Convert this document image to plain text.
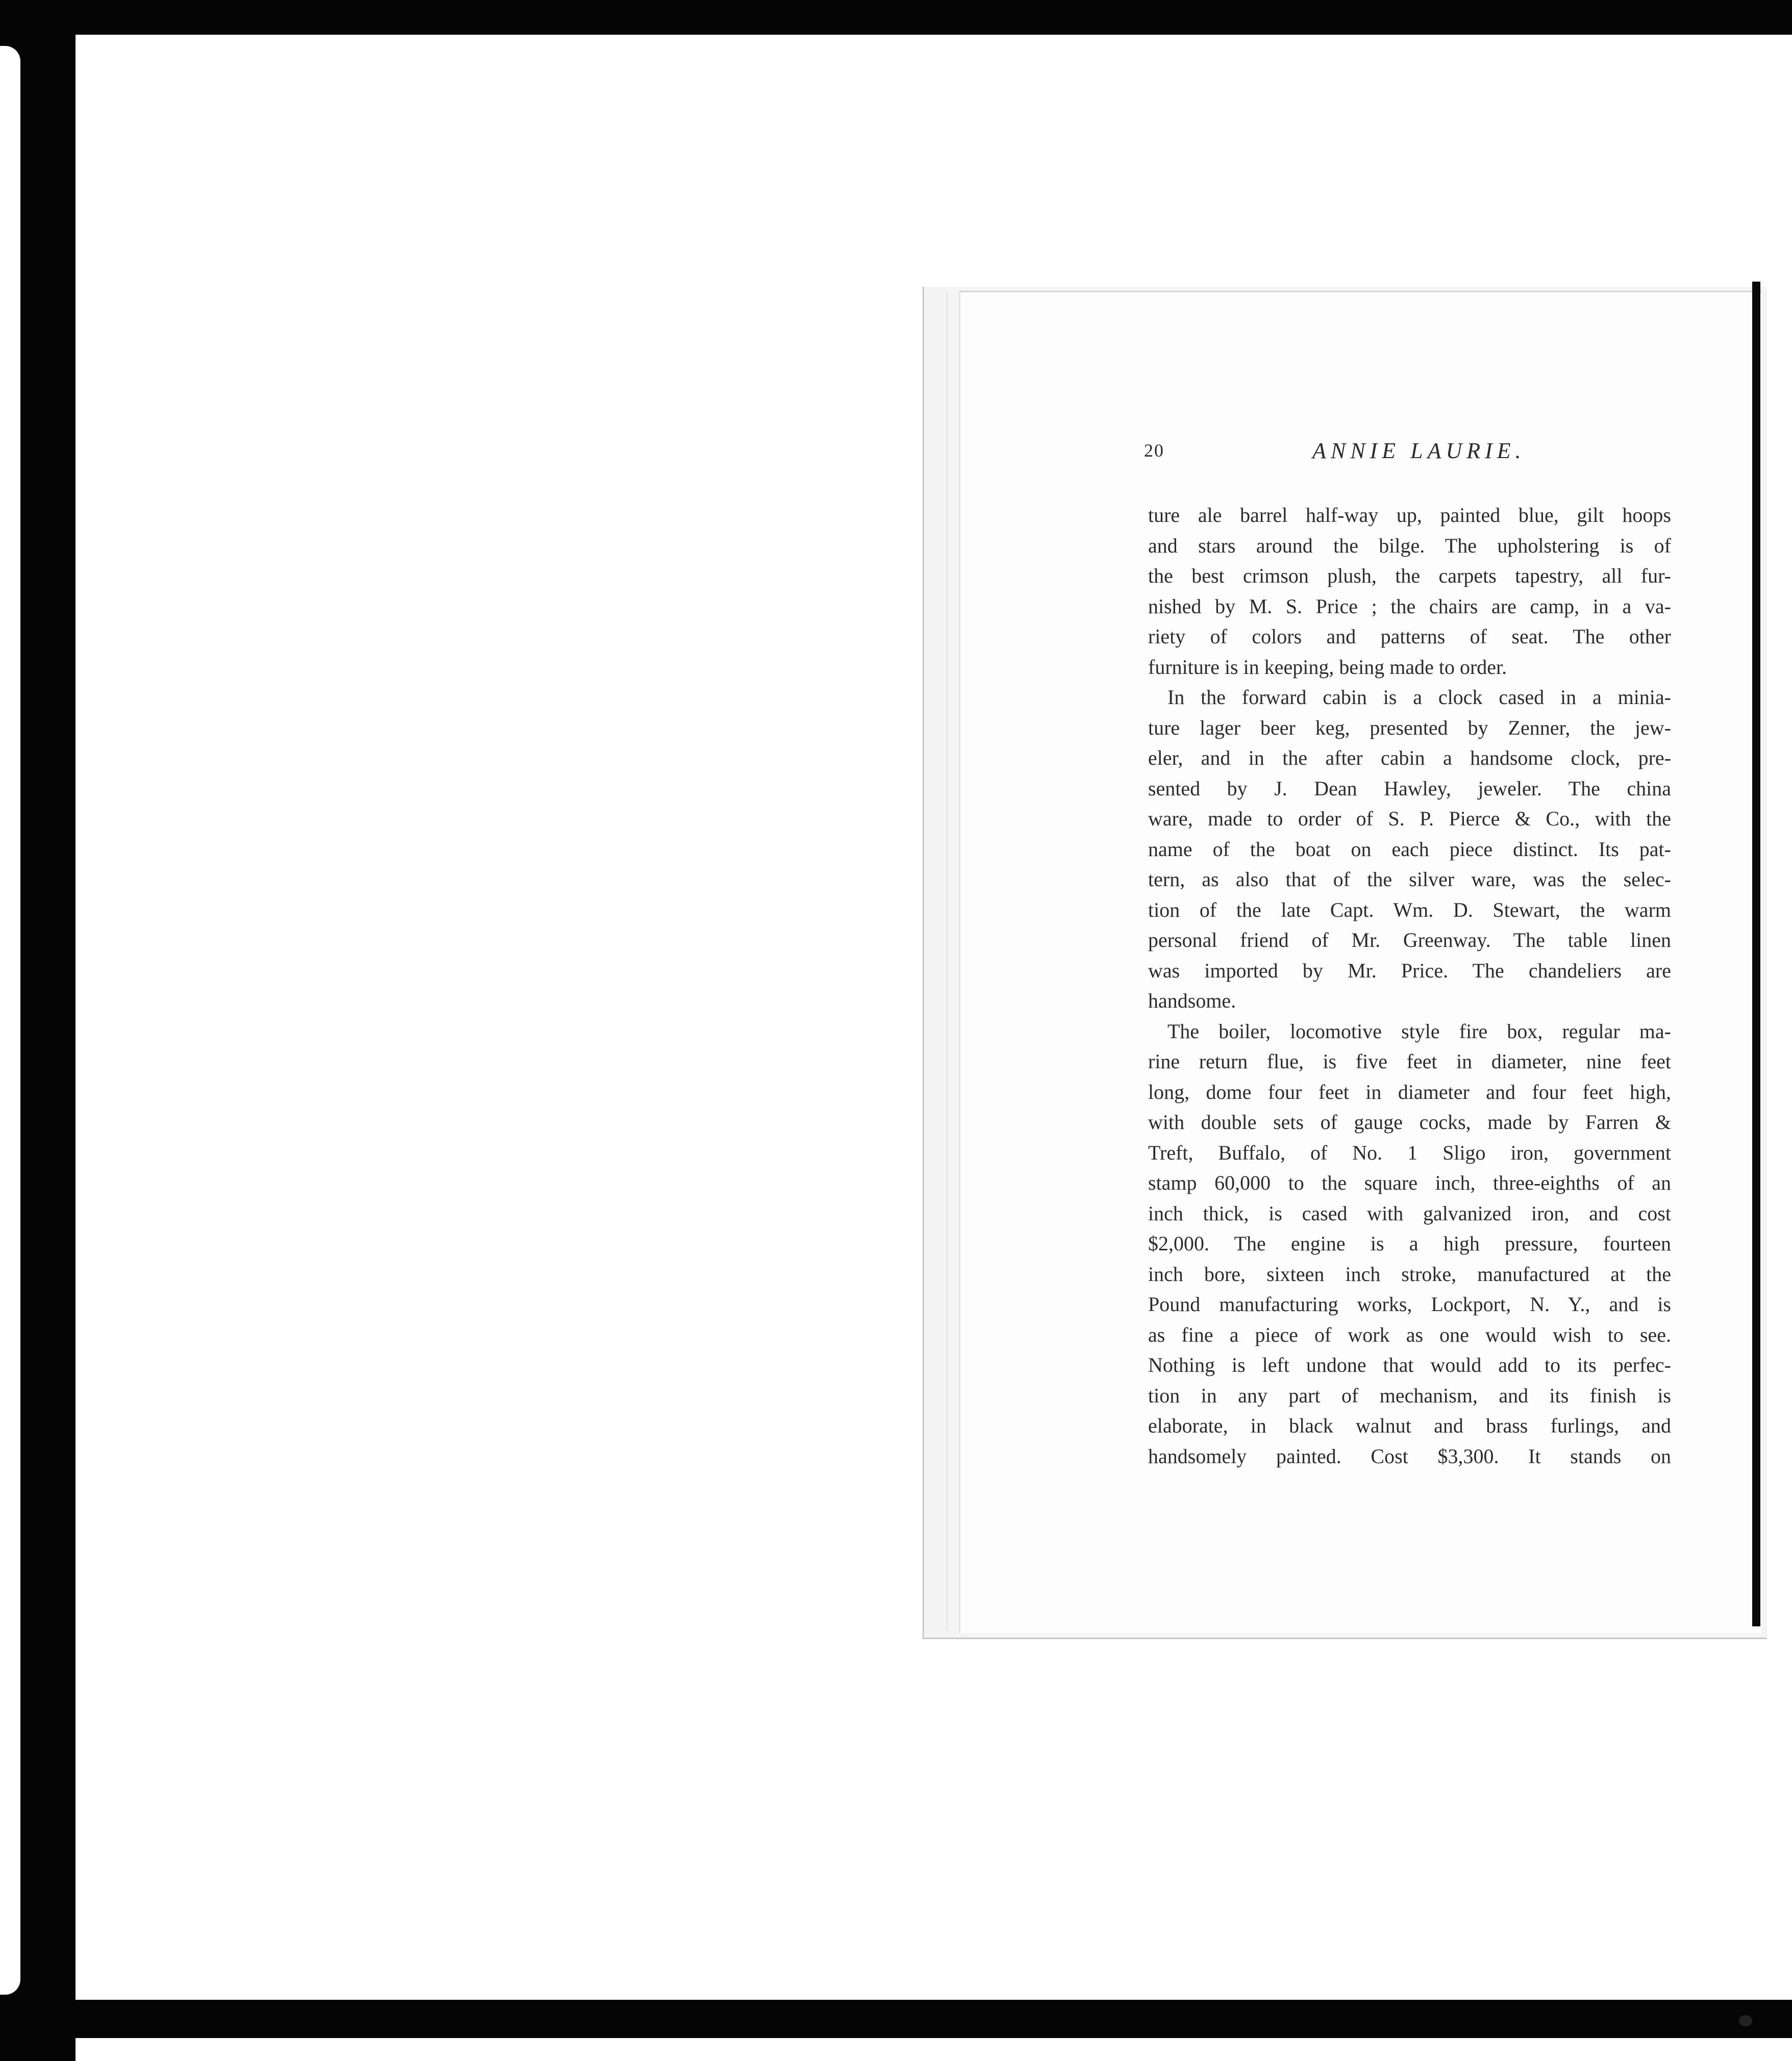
20	ANNIE LAURIE.
ture ale barrel half-way up, painted blue, gilt hoops
and stars around the bilge. The upholstering is of
the best crimson plush, the carpets tapestry, all fur-
nished by M. S. Price ; the chairs are camp, in a va-
riety of colors and patterns of seat. The other
furniture is in keeping, being made to order.
In the forward cabin is a clock cased in a minia-
ture lager beer keg, presented by Zenner, the jew-
eler, and in the after cabin a handsome clock, pre-
sented by J. Dean Hawley, jeweler. The china
ware, made to order of S. P. Pierce & Co., with the
name of the boat on each piece distinct. Its pat-
tern, as also that of the silver ware, was the selec-
tion of the late Capt. Wm. D. Stewart, the warm
personal friend of Mr. Greenway. The table linen
was imported by Mr. Price. The chandeliers are
handsome.
The boiler, locomotive style fire box, regular ma-
rine return flue, is five feet in diameter, nine feet
long, dome four feet in diameter and four feet high,
with double sets of gauge cocks, made by Farren &
Treft, Buffalo, of No. 1 Sligo iron, government
stamp 60,000 to the square inch, three-eighths of an
inch thick, is cased with galvanized iron, and cost
$2,000. The engine is a high pressure, fourteen
inch bore, sixteen inch stroke, manufactured at the
Pound manufacturing works, Lockport, N. Y., and is
as fine a piece of work as one would wish to see.
Nothing is left undone that would add to its perfec-
tion in any part of mechanism, and its finish is
elaborate, in black walnut and brass furlings, and
handsomely painted. Cost $3,300. It stands on
